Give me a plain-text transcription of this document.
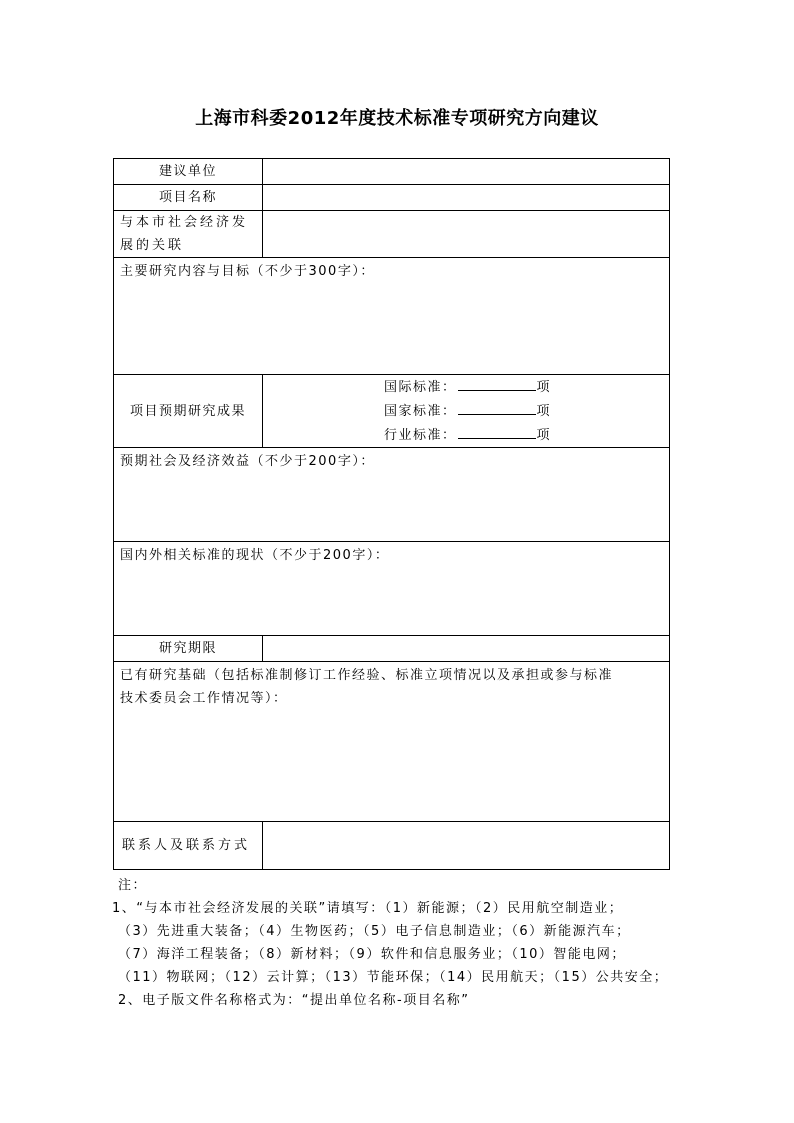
上海市科委2012年度技术标准专项研究方向建议
建议单位	
项目名称	

与本市社会经济发
展的关联	

主要研究内容与目标（不少于300字）：	
项目预期研究成果	国际标准： 项
国家标准： 项
行业标准： 项

预期社会及经济效益（不少于200字）：	
国内外相关标准的现状（不少于200字）：	
研究期限	

已有研究基础（包括标准制修订工作经验、标准立项情况以及承担或参与标准
技术委员会工作情况等）：	

联系人及联系方式	
注：
1、“与本市社会经济发展的关联”请填写：（1）新能源；（2）民用航空制造业；
（3）先进重大装备；（4）生物医药；（5）电子信息制造业；（6）新能源汽车；
（7）海洋工程装备；（8）新材料；（9）软件和信息服务业；（10）智能电网；
（11）物联网；（12）云计算；（13）节能环保；（14）民用航天；（15）公共安全；
2、电子版文件名称格式为：“提出单位名称-项目名称”
